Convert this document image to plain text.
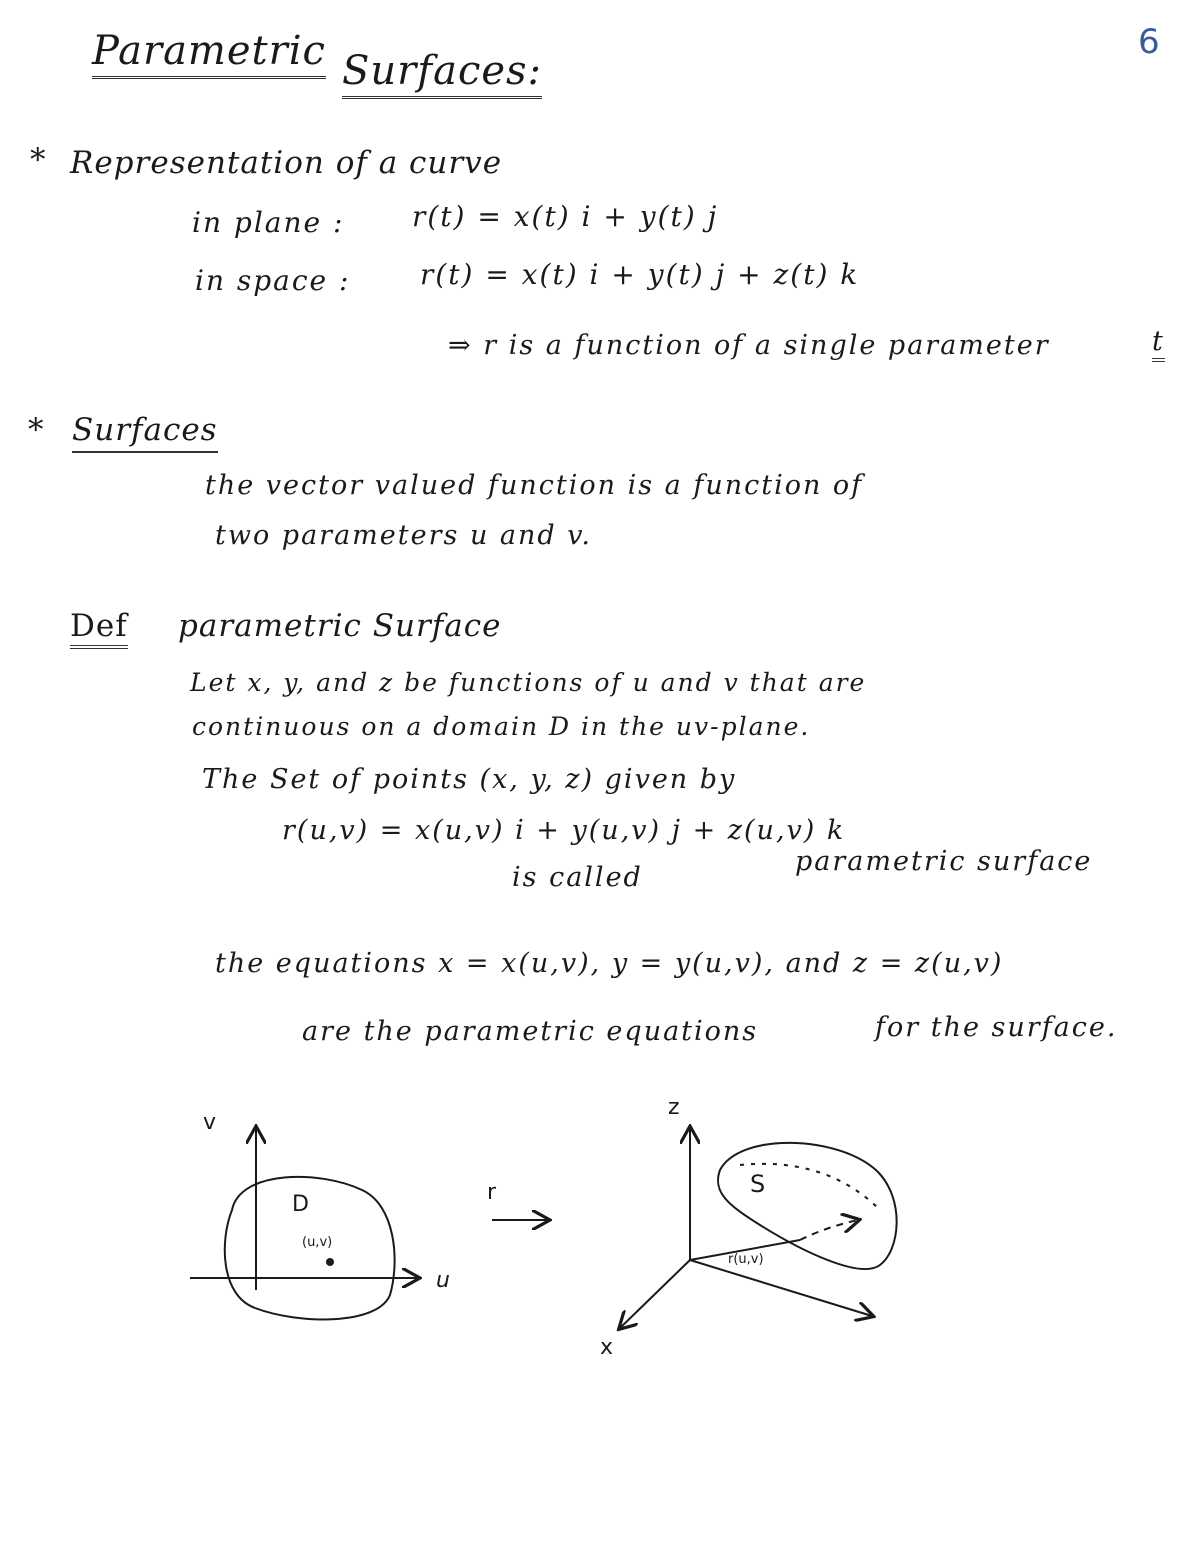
6
Parametric Surfaces:
* Representation of a curve
in plane : r(t) = x(t) i + y(t) j
in space : r(t) = x(t) i + y(t) j + z(t) k
⇒ r is a function of a single parameter	t
* Surfaces
the vector valued function is a function of
two parameters u and v.
Def parametric Surface
Let x, y, and z be functions of u and v that are
continuous on a domain D in the uv-plane.
The Set of points (x, y, z) given by
r(u,v) = x(u,v) i + y(u,v) j + z(u,v) k
is called
parametric surface
the equations x = x(u,v), y = y(u,v), and z = z(u,v)
are the parametric equations	for the surface.
v
u
D
(u,v)
r
z
x
S
r(u,v)
